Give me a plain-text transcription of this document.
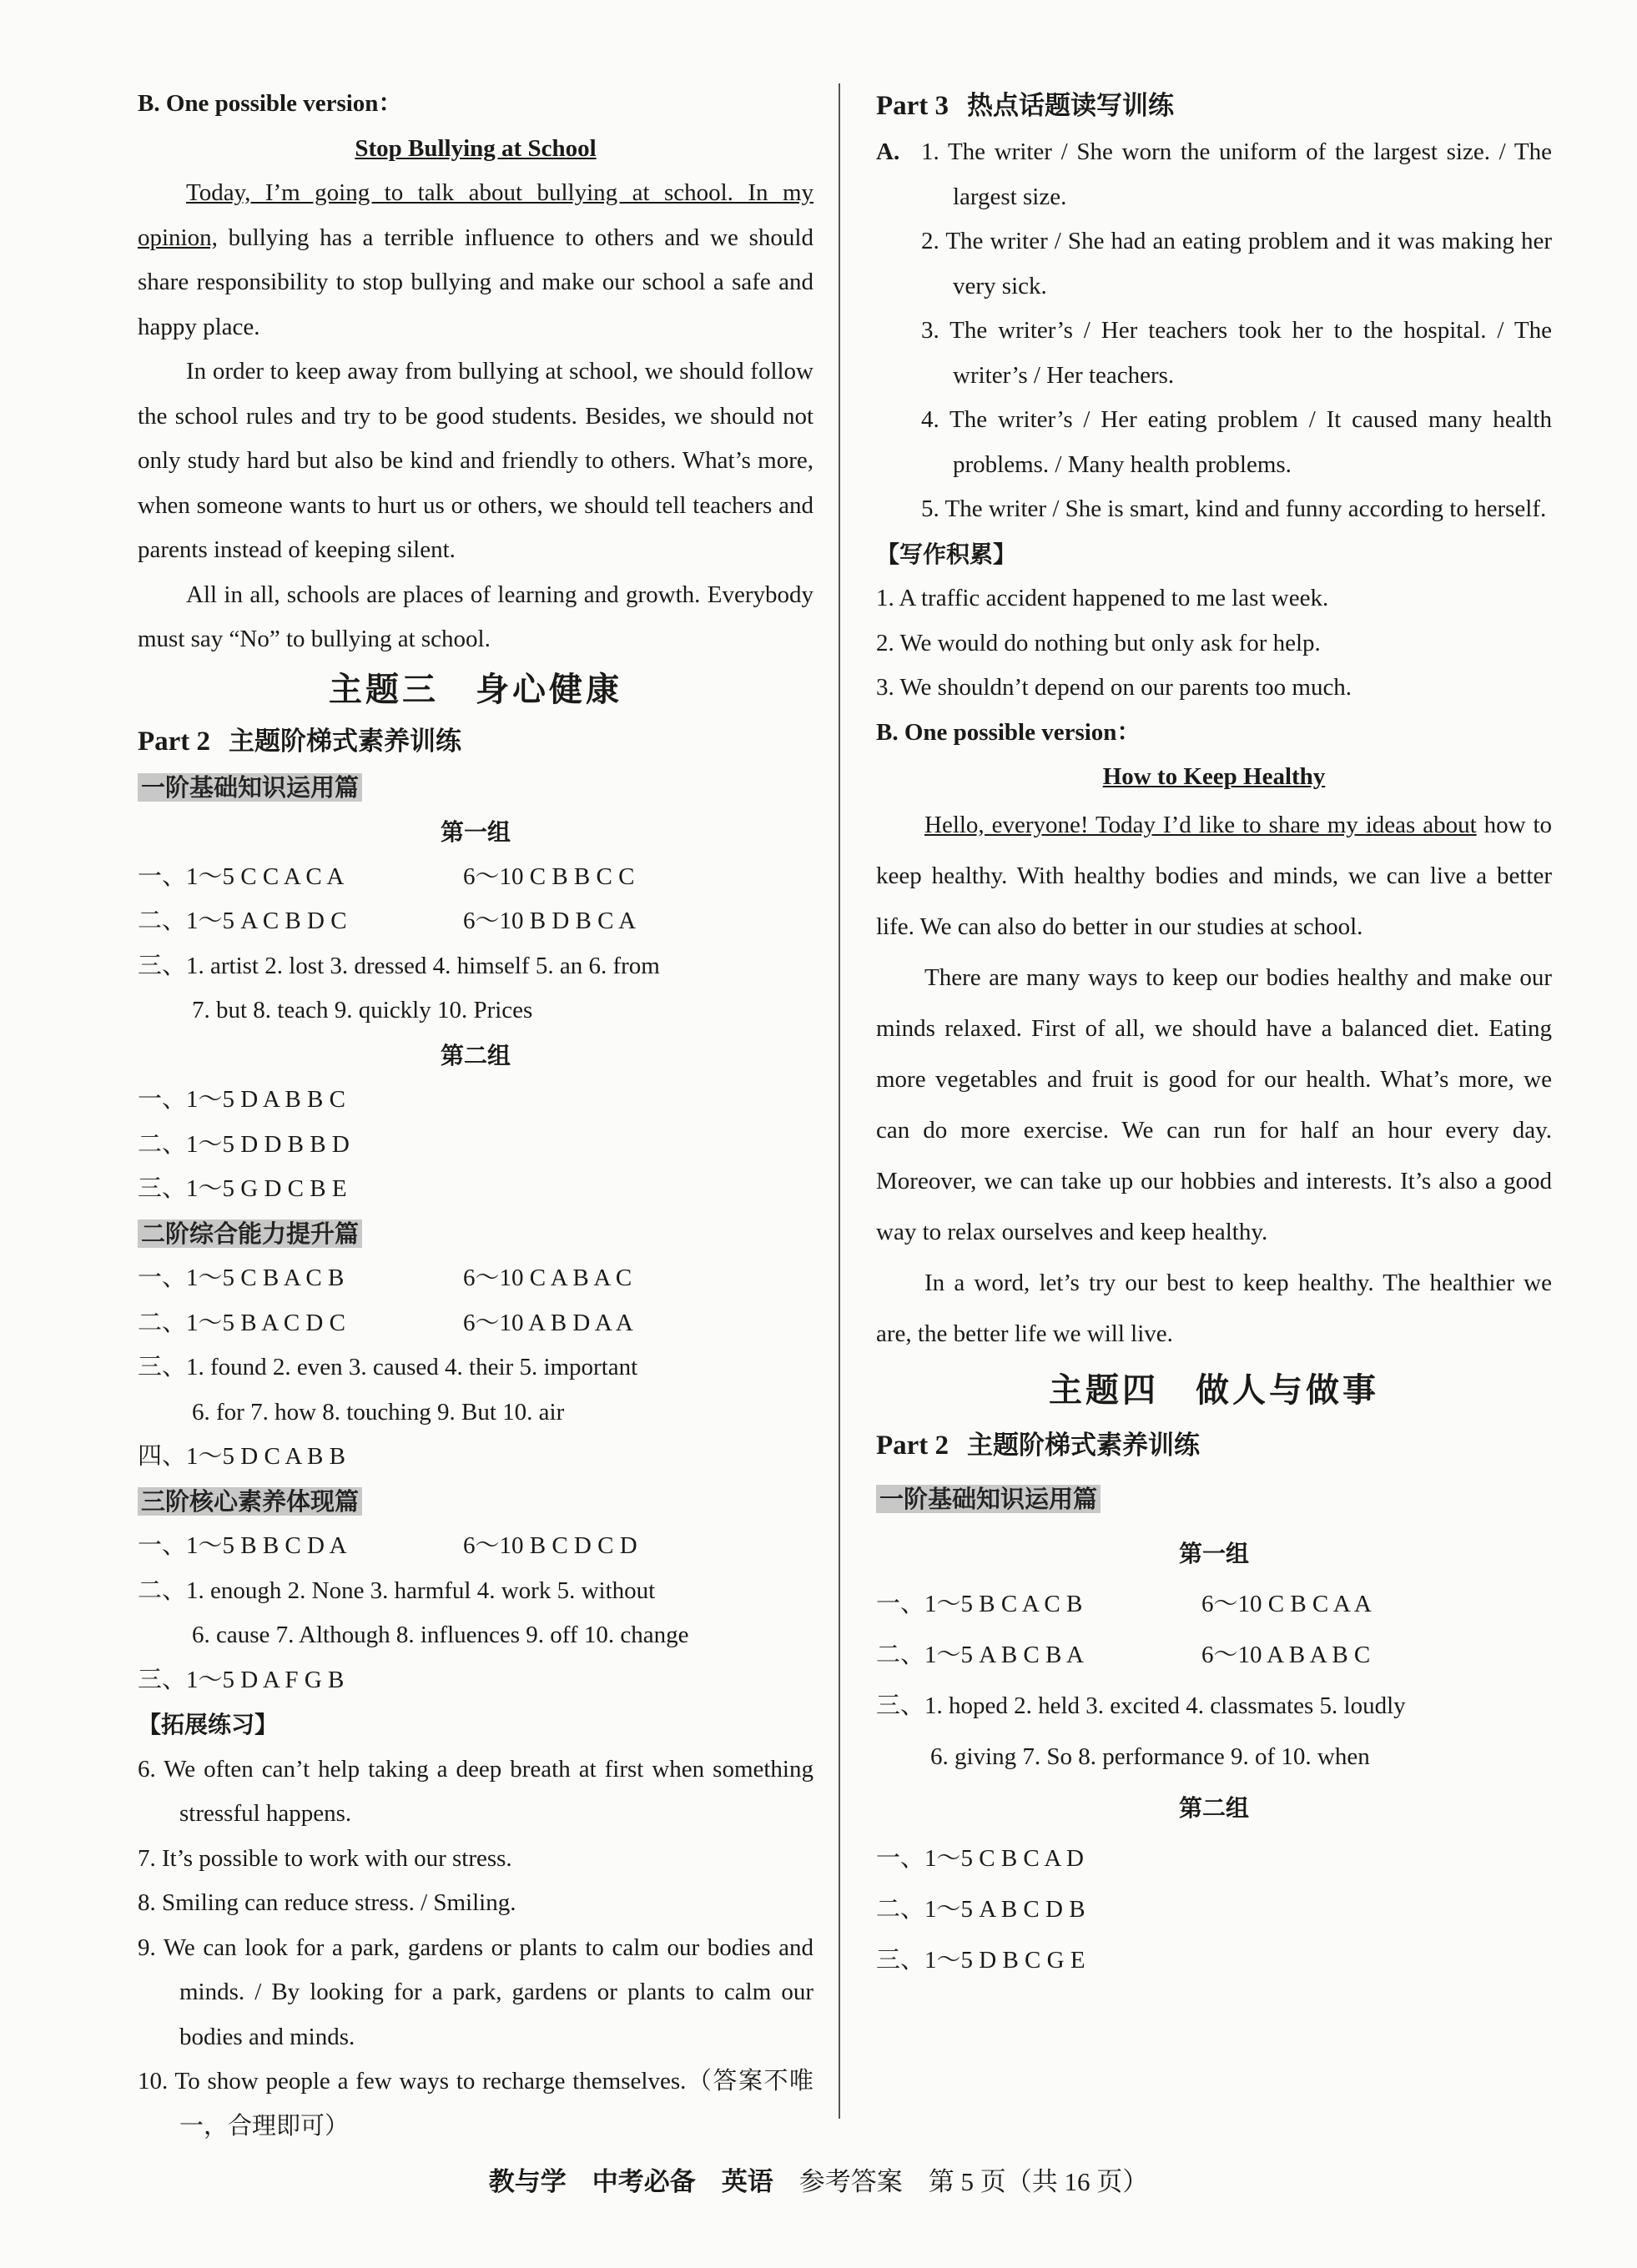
B. One possible version：
Stop Bullying at School
Today, I’m going to talk about bullying at school. In my opinion, bullying has a terrible influence to others and we should share responsibility to stop bullying and make our school a safe and happy place.
In order to keep away from bullying at school, we should follow the school rules and try to be good students. Besides, we should not only study hard but also be kind and friendly to others. What’s more, when someone wants to hurt us or others, we should tell teachers and parents instead of keeping silent.
All in all, schools are places of learning and growth. Everybody must say “No” to bullying at school.
主题三　身心健康
Part 2 主题阶梯式素养训练
一阶基础知识运用篇
第一组
一、1～5 C C A C A	6～10 C B B C C
二、1～5 A C B D C	6～10 B D B C A
三、1. artist 2. lost 3. dressed 4. himself 5. an 6. from
7. but 8. teach 9. quickly 10. Prices
第二组
一、1～5 D A B B C
二、1～5 D D B B D
三、1～5 G D C B E
二阶综合能力提升篇
一、1～5 C B A C B	6～10 C A B A C
二、1～5 B A C D C	6～10 A B D A A
三、1. found 2. even 3. caused 4. their 5. important
6. for 7. how 8. touching 9. But 10. air
四、1～5 D C A B B
三阶核心素养体现篇
一、1～5 B B C D A	6～10 B C D C D
二、1. enough 2. None 3. harmful 4. work 5. without
6. cause 7. Although 8. influences 9. off 10. change
三、1～5 D A F G B
【拓展练习】
6. We often can’t help taking a deep breath at first when something stressful happens.
7. It’s possible to work with our stress.
8. Smiling can reduce stress. / Smiling.
9. We can look for a park, gardens or plants to calm our bodies and minds. / By looking for a park, gardens or plants to calm our bodies and minds.
10. To show people a few ways to recharge themselves.（答案不唯一，合理即可）
Part 3 热点话题读写训练
A. 1. The writer / She worn the uniform of the largest size. / The largest size.
2. The writer / She had an eating problem and it was making her very sick.
3. The writer’s / Her teachers took her to the hospital. / The writer’s / Her teachers.
4. The writer’s / Her eating problem / It caused many health problems. / Many health problems.
5. The writer / She is smart, kind and funny according to herself.
【写作积累】
1. A traffic accident happened to me last week.
2. We would do nothing but only ask for help.
3. We shouldn’t depend on our parents too much.
B. One possible version：
How to Keep Healthy
Hello, everyone! Today I’d like to share my ideas about how to keep healthy. With healthy bodies and minds, we can live a better life. We can also do better in our studies at school.
There are many ways to keep our bodies healthy and make our minds relaxed. First of all, we should have a balanced diet. Eating more vegetables and fruit is good for our health. What’s more, we can do more exercise. We can run for half an hour every day. Moreover, we can take up our hobbies and interests. It’s also a good way to relax ourselves and keep healthy.
In a word, let’s try our best to keep healthy. The healthier we are, the better life we will live.
主题四　做人与做事
Part 2 主题阶梯式素养训练
一阶基础知识运用篇
第一组
一、1～5 B C A C B	6～10 C B C A A
二、1～5 A B C B A	6～10 A B A B C
三、1. hoped 2. held 3. excited 4. classmates 5. loudly
6. giving 7. So 8. performance 9. of 10. when
第二组
一、1～5 C B C A D
二、1～5 A B C D B
三、1～5 D B C G E
教与学　中考必备　英语　 参考答案　第 5 页（共 16 页）
